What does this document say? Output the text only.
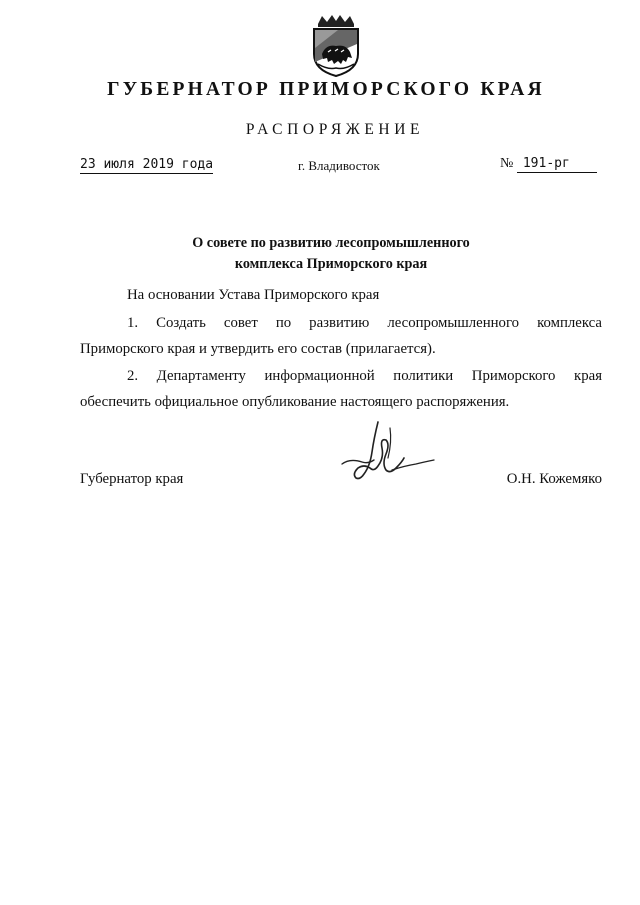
ГУБЕРНАТОР ПРИМОРСКОГО КРАЯ
РАСПОРЯЖЕНИЕ
23 июля 2019 года	г. Владивосток	№ 191-рг
О совете по развитию лесопромышленного
комплекса Приморского края
На основании Устава Приморского края
1. Создать совет по развитию лесопромышленного комплекса Приморского края и утвердить его состав (прилагается).
2. Департаменту информационной политики Приморского края обеспечить официальное опубликование настоящего распоряжения.
Губернатор края	О.Н. Кожемяко
